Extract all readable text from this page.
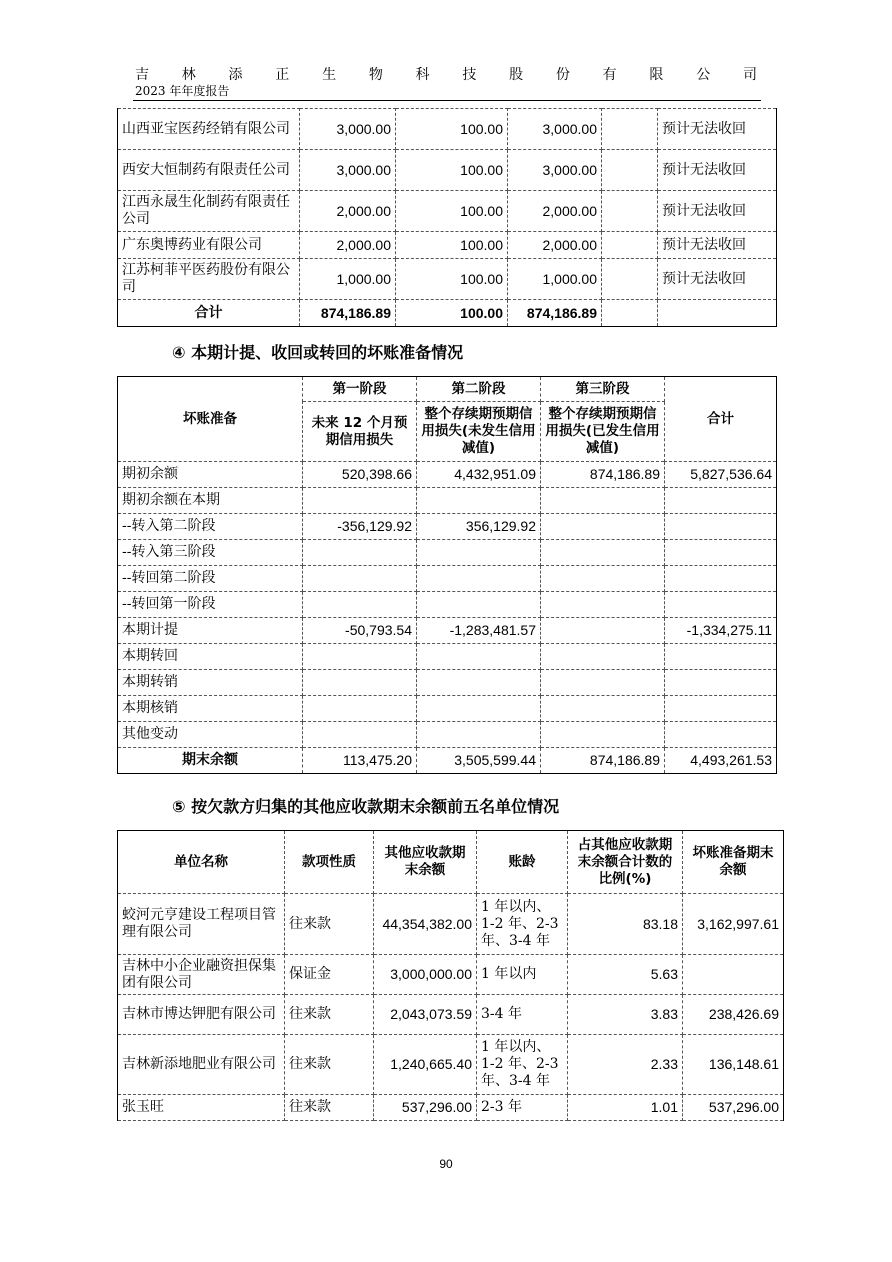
吉 林 添 正 生 物 科 技 股 份 有 限 公 司
2023 年年度报告
山西亚宝医药经销有限公司	3,000.00	100.00	3,000.00		预计无法收回
西安大恒制药有限责任公司	3,000.00	100.00	3,000.00		预计无法收回
江西永晟生化制药有限责任公司	2,000.00	100.00	2,000.00		预计无法收回
广东奥博药业有限公司	2,000.00	100.00	2,000.00		预计无法收回
江苏柯菲平医药股份有限公司	1,000.00	100.00	1,000.00		预计无法收回
合计	874,186.89	100.00	874,186.89		
④ 本期计提、收回或转回的坏账准备情况
坏账准备	第一阶段	第二阶段	第三阶段	合计
	未来 12 个月预期信用损失	整个存续期预期信用损失(未发生信用减值)	整个存续期预期信用损失(已发生信用减值)	
期初余额	520,398.66	4,432,951.09	874,186.89	5,827,536.64
期初余额在本期				
--转入第二阶段	-356,129.92	356,129.92		
--转入第三阶段				
--转回第二阶段				
--转回第一阶段				
本期计提	-50,793.54	-1,283,481.57		-1,334,275.11
本期转回				
本期转销				
本期核销				
其他变动				
期末余额	113,475.20	3,505,599.44	874,186.89	4,493,261.53
⑤ 按欠款方归集的其他应收款期末余额前五名单位情况
单位名称	款项性质	其他应收款期末余额	账龄	占其他应收款期末余额合计数的比例(%)	坏账准备期末余额
蛟河元亨建设工程项目管理有限公司	往来款	44,354,382.00	1 年以内、1-2 年、2-3 年、3-4 年	83.18	3,162,997.61
吉林中小企业融资担保集团有限公司	保证金	3,000,000.00	1 年以内	5.63	
吉林市博达钾肥有限公司	往来款	2,043,073.59	3-4 年	3.83	238,426.69
吉林新添地肥业有限公司	往来款	1,240,665.40	1 年以内、1-2 年、2-3 年、3-4 年	2.33	136,148.61
张玉旺	往来款	537,296.00	2-3 年	1.01	537,296.00
90
